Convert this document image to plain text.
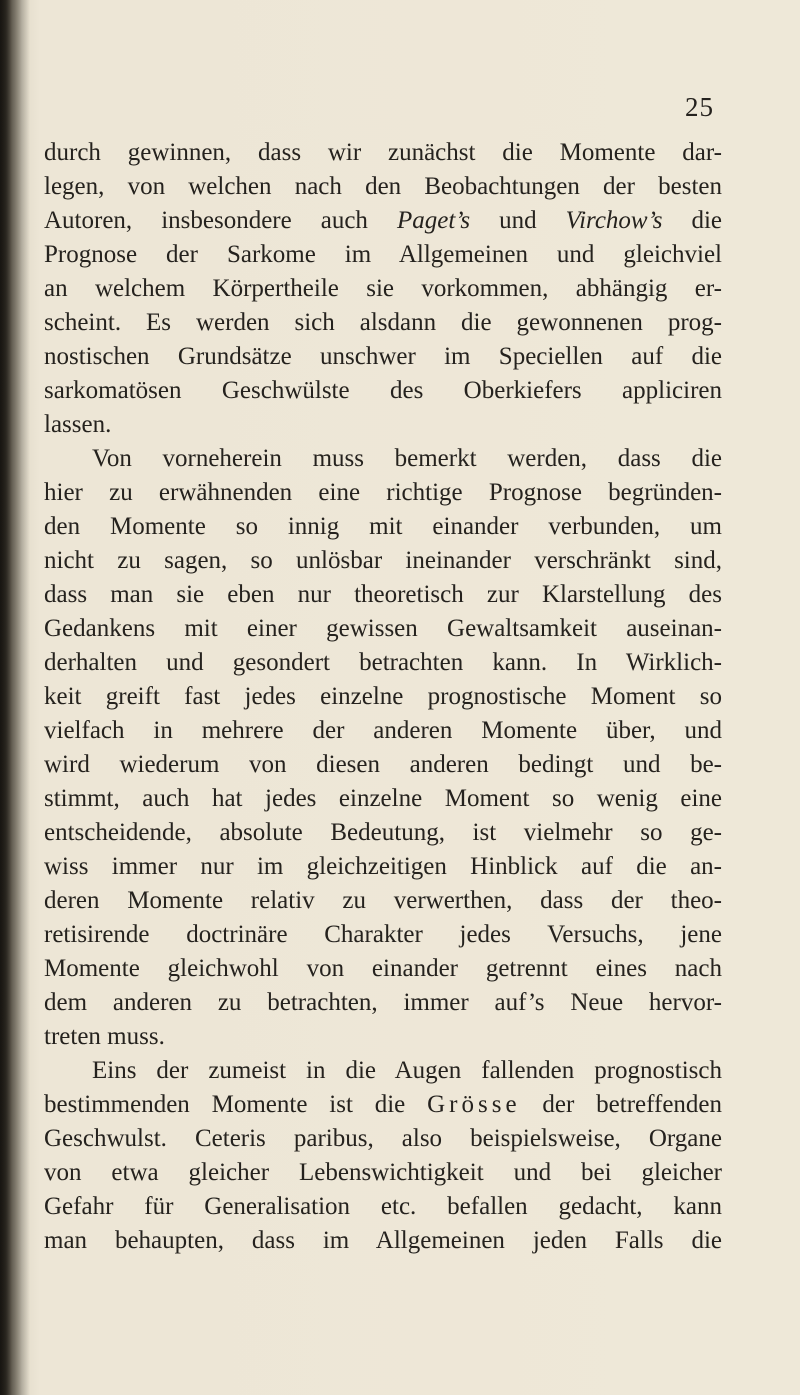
25
durch gewinnen, dass wir zunächst die Momente dar-
legen, von welchen nach den Beobachtungen der besten
Autoren, insbesondere auch Paget’s und Virchow’s die
Prognose der Sarkome im Allgemeinen und gleichviel
an welchem Körpertheile sie vorkommen, abhängig er-
scheint. Es werden sich alsdann die gewonnenen prog-
nostischen Grundsätze unschwer im Speciellen auf die
sarkomatösen Geschwülste des Oberkiefers appliciren
lassen.
Von vorneherein muss bemerkt werden, dass die
hier zu erwähnenden eine richtige Prognose begründen-
den Momente so innig mit einander verbunden, um
nicht zu sagen, so unlösbar ineinander verschränkt sind,
dass man sie eben nur theoretisch zur Klarstellung des
Gedankens mit einer gewissen Gewaltsamkeit auseinan-
derhalten und gesondert betrachten kann. In Wirklich-
keit greift fast jedes einzelne prognostische Moment so
vielfach in mehrere der anderen Momente über, und
wird wiederum von diesen anderen bedingt und be-
stimmt, auch hat jedes einzelne Moment so wenig eine
entscheidende, absolute Bedeutung, ist vielmehr so ge-
wiss immer nur im gleichzeitigen Hinblick auf die an-
deren Momente relativ zu verwerthen, dass der theo-
retisirende doctrinäre Charakter jedes Versuchs, jene
Momente gleichwohl von einander getrennt eines nach
dem anderen zu betrachten, immer auf’s Neue hervor-
treten muss.
Eins der zumeist in die Augen fallenden prognostisch
bestimmenden Momente ist die Grösse der betreffenden
Geschwulst. Ceteris paribus, also beispielsweise, Organe
von etwa gleicher Lebenswichtigkeit und bei gleicher
Gefahr für Generalisation etc. befallen gedacht, kann
man behaupten, dass im Allgemeinen jeden Falls die
